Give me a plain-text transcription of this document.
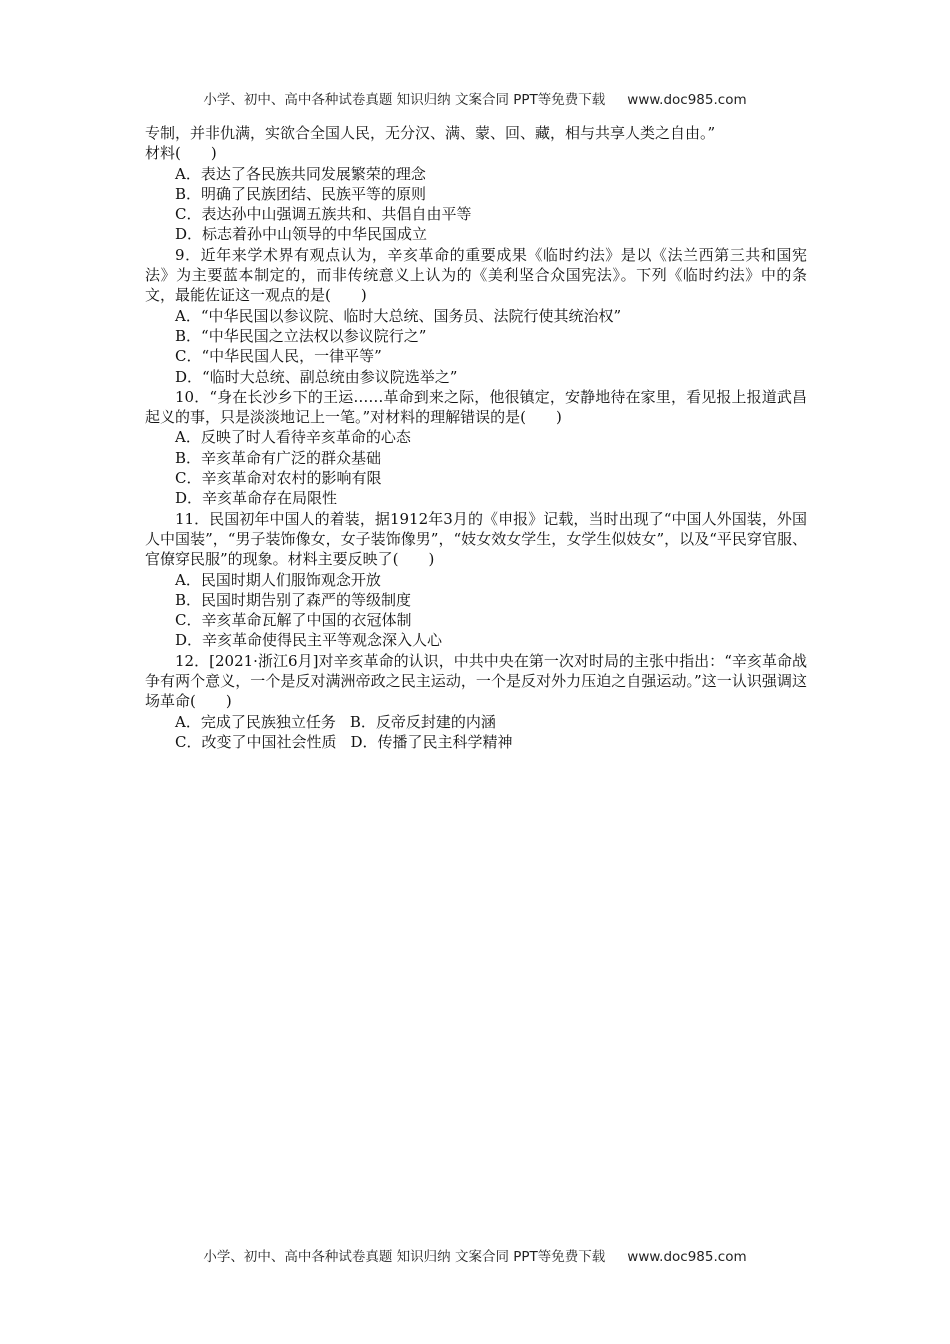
小学、初中、高中各种试卷真题 知识归纳 文案合同 PPT等免费下载 www.doc985.com

专制，并非仇满，实欲合全国人民，无分汉、满、蒙、回、藏，相与共享人类之自由。”

材料(　　)

A．表达了各民族共同发展繁荣的理念

B．明确了民族团结、民族平等的原则

C．表达孙中山强调五族共和、共倡自由平等

D．标志着孙中山领导的中华民国成立

9．近年来学术界有观点认为，辛亥革命的重要成果《临时约法》是以《法兰西第三共和国宪法》为主要蓝本制定的，而非传统意义上认为的《美利坚合众国宪法》。下列《临时约法》中的条文，最能佐证这一观点的是(　　)

A．“中华民国以参议院、临时大总统、国务员、法院行使其统治权”

B．“中华民国之立法权以参议院行之”

C．“中华民国人民，一律平等”

D．“临时大总统、副总统由参议院选举之”

10．“身在长沙乡下的王运……革命到来之际，他很镇定，安静地待在家里，看见报上报道武昌起义的事，只是淡淡地记上一笔。”对材料的理解错误的是(　　)

A．反映了时人看待辛亥革命的心态

B．辛亥革命有广泛的群众基础

C．辛亥革命对农村的影响有限

D．辛亥革命存在局限性

11．民国初年中国人的着装，据1912年3月的《申报》记载，当时出现了“中国人外国装，外国人中国装”，“男子装饰像女，女子装饰像男”，“妓女效女学生，女学生似妓女”，以及“平民穿官服、官僚穿民服”的现象。材料主要反映了(　　)

A．民国时期人们服饰观念开放

B．民国时期告别了森严的等级制度

C．辛亥革命瓦解了中国的衣冠体制

D．辛亥革命使得民主平等观念深入人心

12．[2021·浙江6月]对辛亥革命的认识，中共中央在第一次对时局的主张中指出：“辛亥革命战争有两个意义，一个是反对满洲帝政之民主运动，一个是反对外力压迫之自强运动。”这一认识强调这场革命(　　)

A．完成了民族独立任务 B．反帝反封建的内涵

C．改变了中国社会性质 D．传播了民主科学精神

小学、初中、高中各种试卷真题 知识归纳 文案合同 PPT等免费下载 www.doc985.com
